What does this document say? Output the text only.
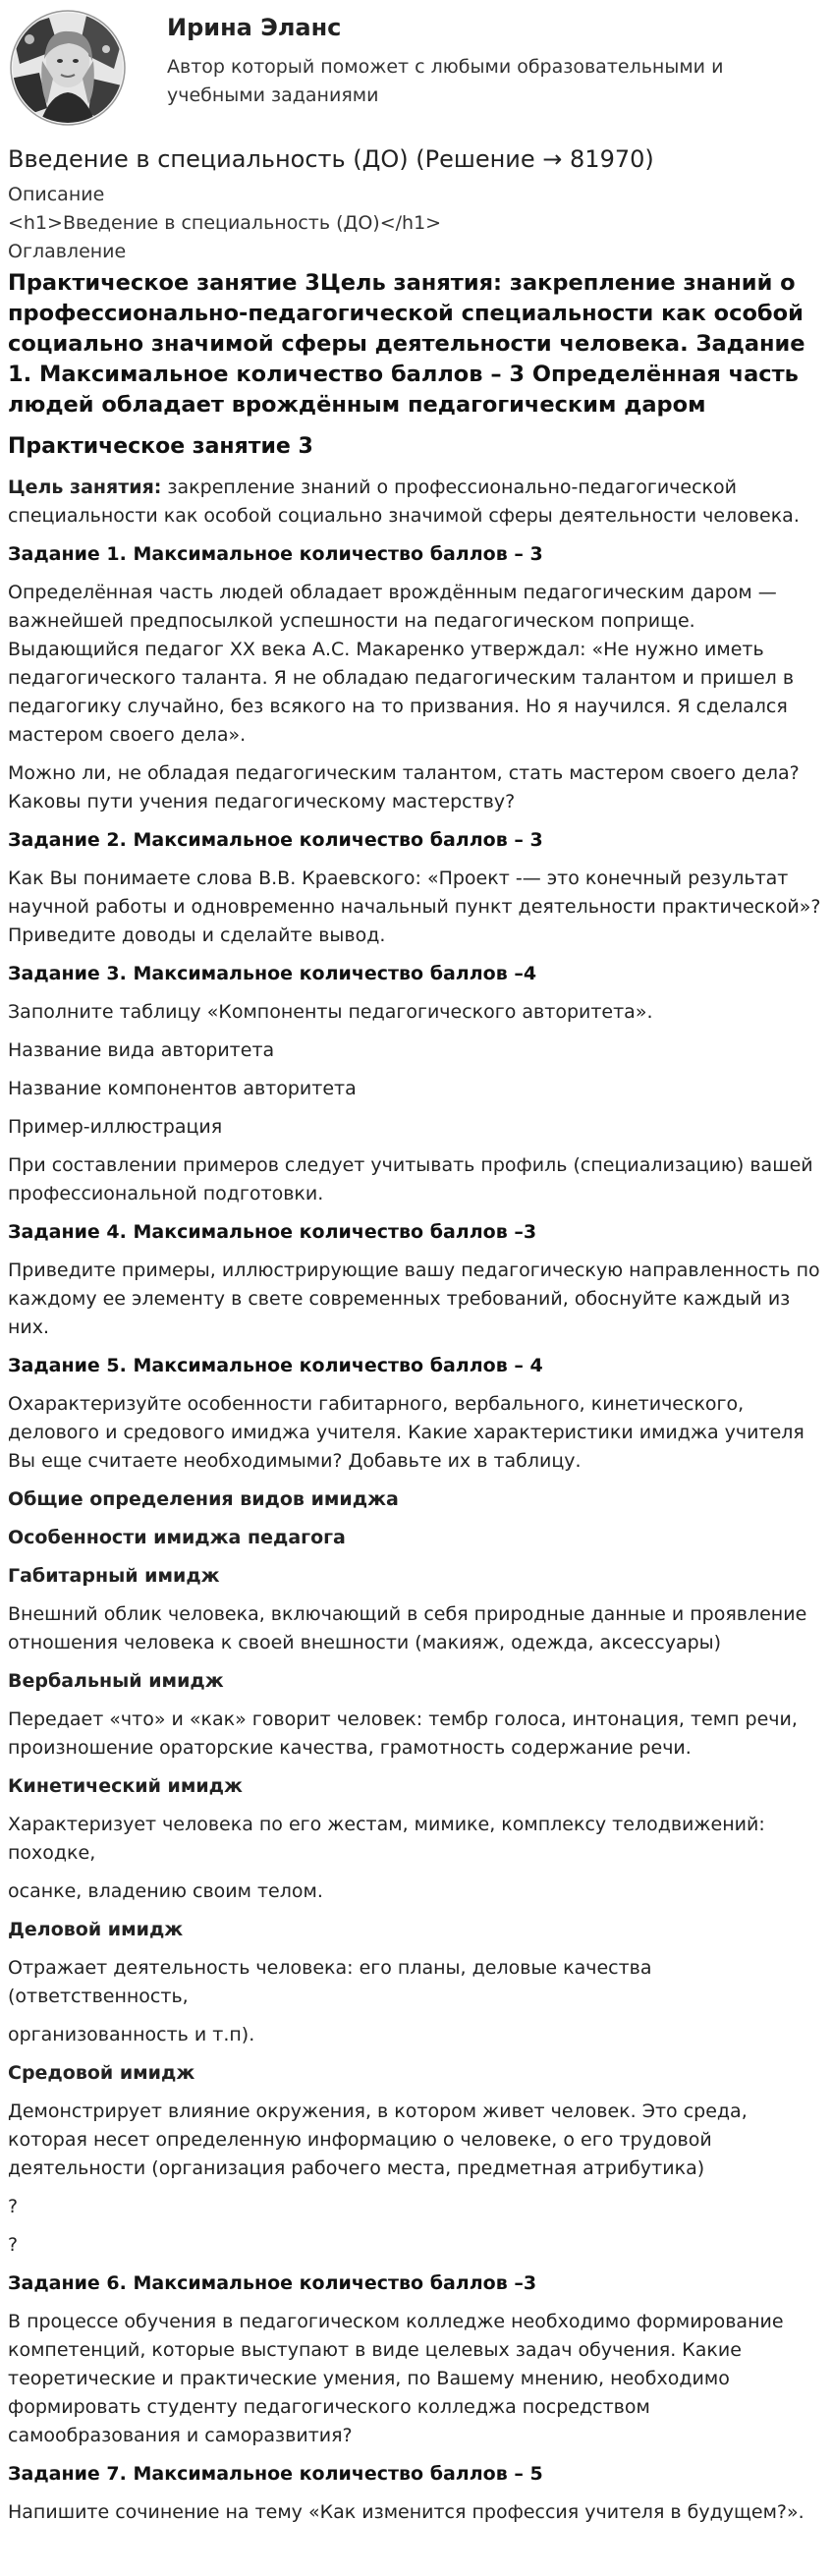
Ирина Эланс
Автор который поможет с любыми образовательными и учебными заданиями
Введение в специальность (ДО) (Решение → 81970)
Описание
<h1>Введение в специальность (ДО)</h1>
Оглавление
Практическое занятие 3Цель занятия: закрепление знаний о профессионально-педагогической специальности как особой социально значимой сферы деятельности человека. Задание 1. Максимальное количество баллов – 3 Определённая часть людей обладает врождённым педагогическим даром
Практическое занятие 3

Цель занятия: закрепление знаний о профессионально-педагогической специальности как особой социально значимой сферы деятельности человека.

Задание 1. Максимальное количество баллов – 3

Определённая часть людей обладает врождённым педагогическим даром — важнейшей предпосылкой успешности на педагогическом поприще. Выдающийся педагог XX века А.С. Макаренко утверждал: «Не нужно иметь педагогического таланта. Я не обладаю педагогическим талантом и пришел в педагогику случайно, без всякого на то призвания. Но я научился. Я сделался мастером своего дела».

Можно ли, не обладая педагогическим талантом, стать мастером своего дела? Каковы пути учения педагогическому мастерству?

Задание 2. Максимальное количество баллов – 3

Как Вы понимаете слова В.В. Краевского: «Проект -— это конечный результат научной работы и одновременно начальный пункт деятельности практической»? Приведите доводы и сделайте вывод.

Задание 3. Максимальное количество баллов –4

Заполните таблицу «Компоненты педагогического авторитета».

Название вида авторитета

Название компонентов авторитета

Пример-иллюстрация

При составлении примеров следует учитывать профиль (специализацию) вашей профессиональной подготовки.

Задание 4. Максимальное количество баллов –3

Приведите примеры, иллюстрирующие вашу педагогическую направленность по каждому ее элементу в свете современных требований, обоснуйте каждый из них.

Задание 5. Максимальное количество баллов – 4

Охарактеризуйте особенности габитарного, вербального, кинетического, делового и средового имиджа учителя. Какие характеристики имиджа учителя Вы еще считаете необходимыми? Добавьте их в таблицу.

Общие определения видов имиджа

Особенности имиджа педагога

Габитарный имидж

Внешний облик человека, включающий в себя природные данные и проявление отношения человека к своей внешности (макияж, одежда, аксессуары)

Вербальный имидж

Передает «что» и «как» говорит человек: тембр голоса, интонация, темп речи, произношение ораторские качества, грамотность содержание речи.

Кинетический имидж

Характеризует человека по его жестам, мимике, комплексу телодвижений: походке,

осанке, владению своим телом.

Деловой имидж

Отражает деятельность человека: его планы, деловые качества (ответственность,

организованность и т.п).

Средовой имидж

Демонстрирует влияние окружения, в котором живет человек. Это среда, которая несет определенную информацию о человеке, о его трудовой деятельности (организация рабочего места, предметная атрибутика)

?

?

Задание 6. Максимальное количество баллов –3

В процессе обучения в педагогическом колледже необходимо формирование компетенций, которые выступают в виде целевых задач обучения. Какие теоретические и практические умения, по Вашему мнению, необходимо формировать студенту педагогического колледжа посредством самообразования и саморазвития?

Задание 7. Максимальное количество баллов – 5

Напишите сочинение на тему «Как изменится профессия учителя в будущем?».
